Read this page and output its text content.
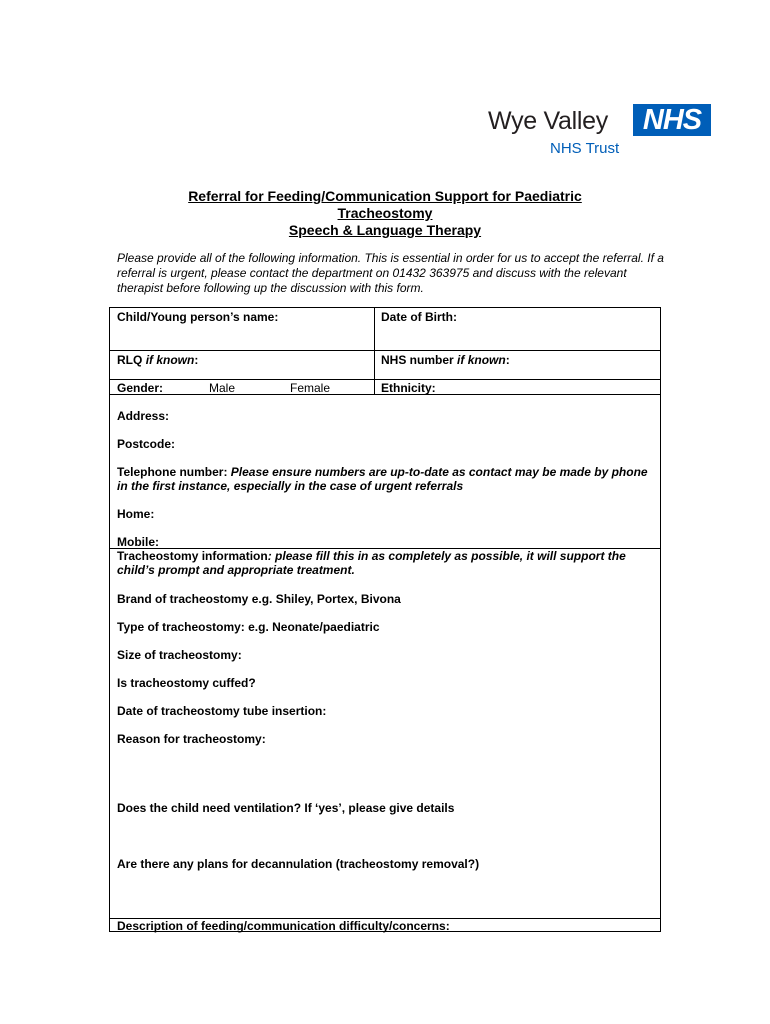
Wye Valley	NHS
NHS Trust
Referral for Feeding/Communication Support for Paediatric
Tracheostomy
Speech & Language Therapy
Please provide all of the following information. This is essential in order for us to accept the referral. If a referral is urgent, please contact the department on 01432 363975 and discuss with the relevant therapist before following up the discussion with this form.
Child/Young person’s name:	Date of Birth:
RLQ if known:	NHS number if known:
Gender:	Male	Female	Ethnicity:
Address:
Postcode:
Telephone number: Please ensure numbers are up-to-date as contact may be made by phone in the first instance, especially in the case of urgent referrals
Home:
Mobile:
Tracheostomy information: please fill this in as completely as possible, it will support the child’s prompt and appropriate treatment.
Brand of tracheostomy e.g. Shiley, Portex, Bivona
Type of tracheostomy: e.g. Neonate/paediatric
Size of tracheostomy:
Is tracheostomy cuffed?
Date of tracheostomy tube insertion:
Reason for tracheostomy:
Does the child need ventilation? If ‘yes’, please give details
Are there any plans for decannulation (tracheostomy removal?)
Description of feeding/communication difficulty/concerns:
